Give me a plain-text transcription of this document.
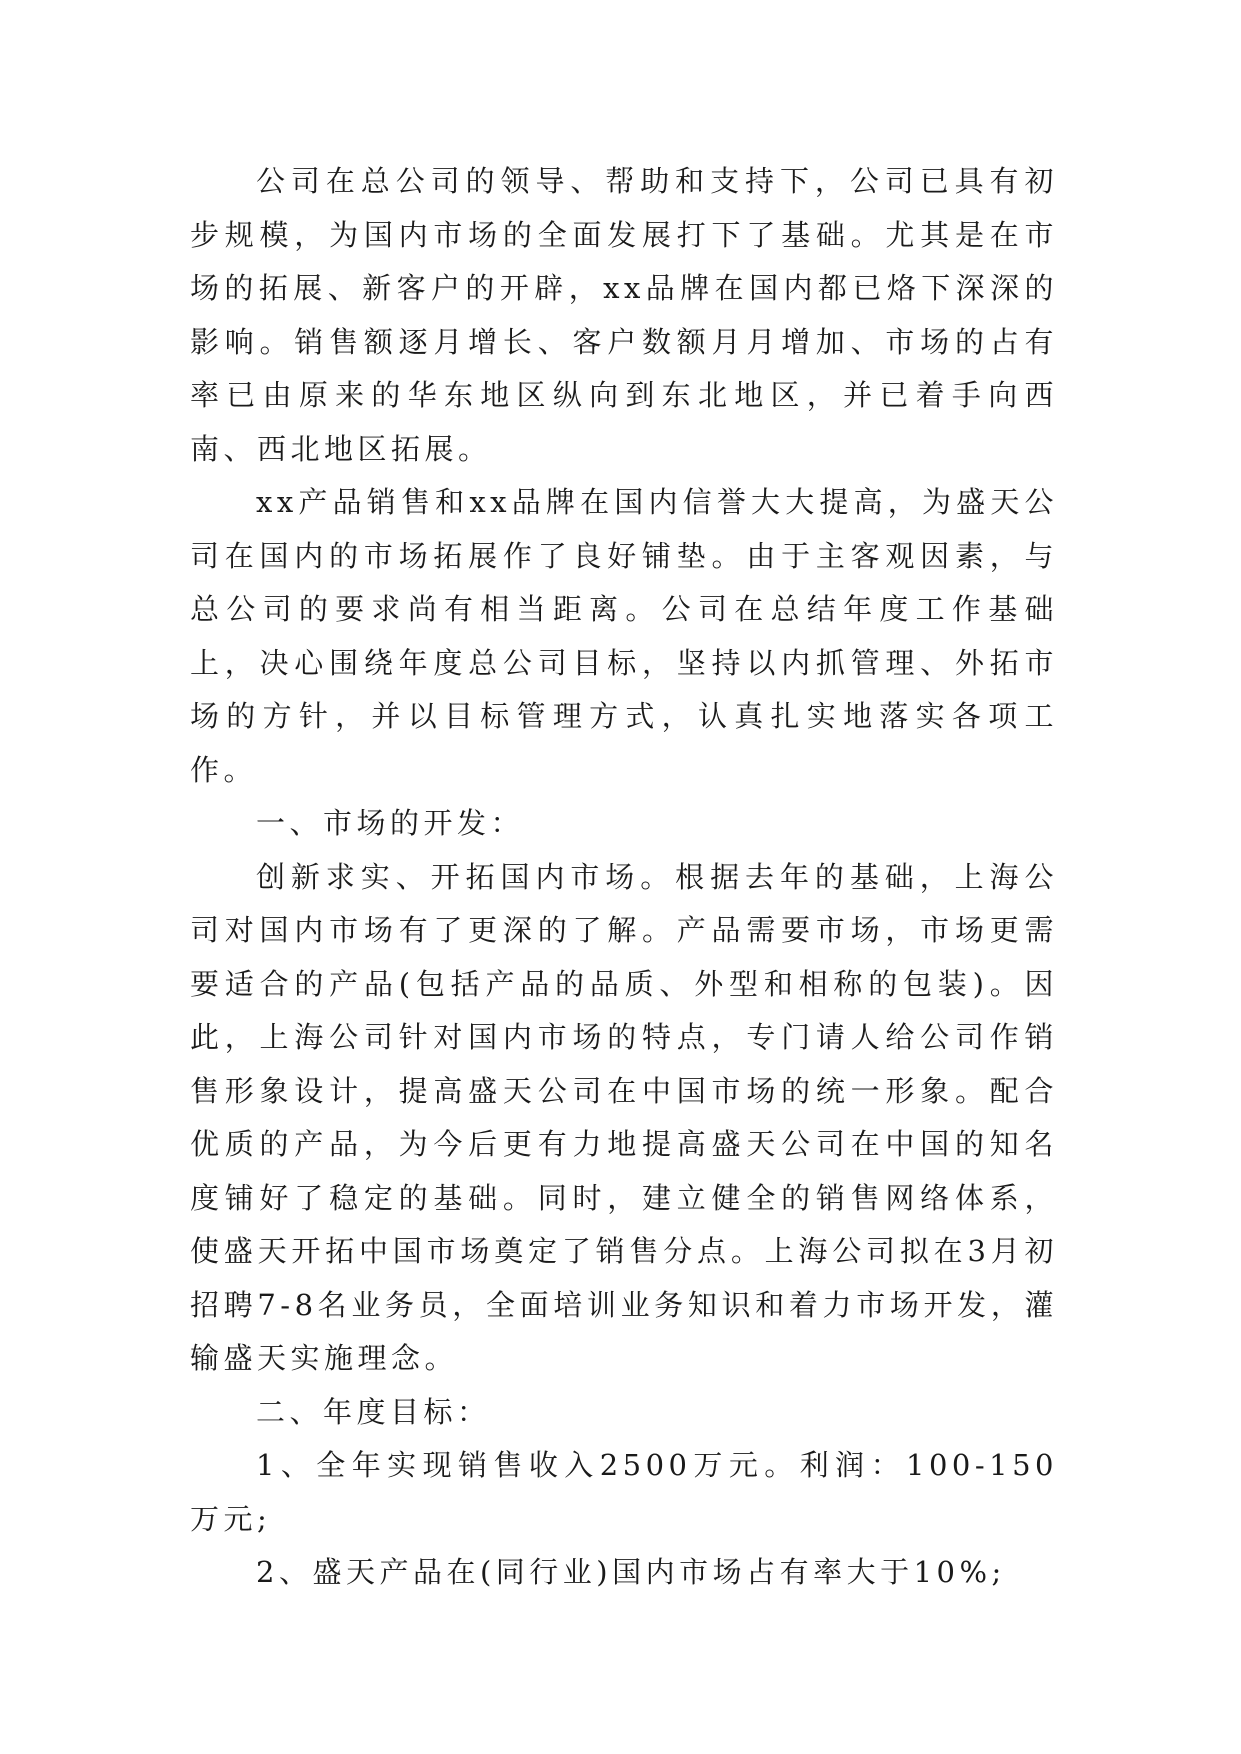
公司在总公司的领导、帮助和支持下，公司已具有初步规模，为国内市场的全面发展打下了基础。尤其是在市场的拓展、新客户的开辟，xx品牌在国内都已烙下深深的影响。销售额逐月增长、客户数额月月增加、市场的占有率已由原来的华东地区纵向到东北地区，并已着手向西南、西北地区拓展。

xx产品销售和xx品牌在国内信誉大大提高，为盛天公司在国内的市场拓展作了良好铺垫。由于主客观因素，与总公司的要求尚有相当距离。公司在总结年度工作基础上，决心围绕年度总公司目标，坚持以内抓管理、外拓市场的方针，并以目标管理方式，认真扎实地落实各项工作。

一、市场的开发：

创新求实、开拓国内市场。根据去年的基础，上海公司对国内市场有了更深的了解。产品需要市场，市场更需要适合的产品(包括产品的品质、外型和相称的包装)。因此，上海公司针对国内市场的特点，专门请人给公司作销售形象设计，提高盛天公司在中国市场的统一形象。配合优质的产品，为今后更有力地提高盛天公司在中国的知名度铺好了稳定的基础。同时，建立健全的销售网络体系，使盛天开拓中国市场奠定了销售分点。上海公司拟在3月初招聘7-8名业务员，全面培训业务知识和着力市场开发，灌输盛天实施理念。

二、年度目标：

1、全年实现销售收入2500万元。利润：100-150万元;

2、盛天产品在(同行业)国内市场占有率大于10%;
